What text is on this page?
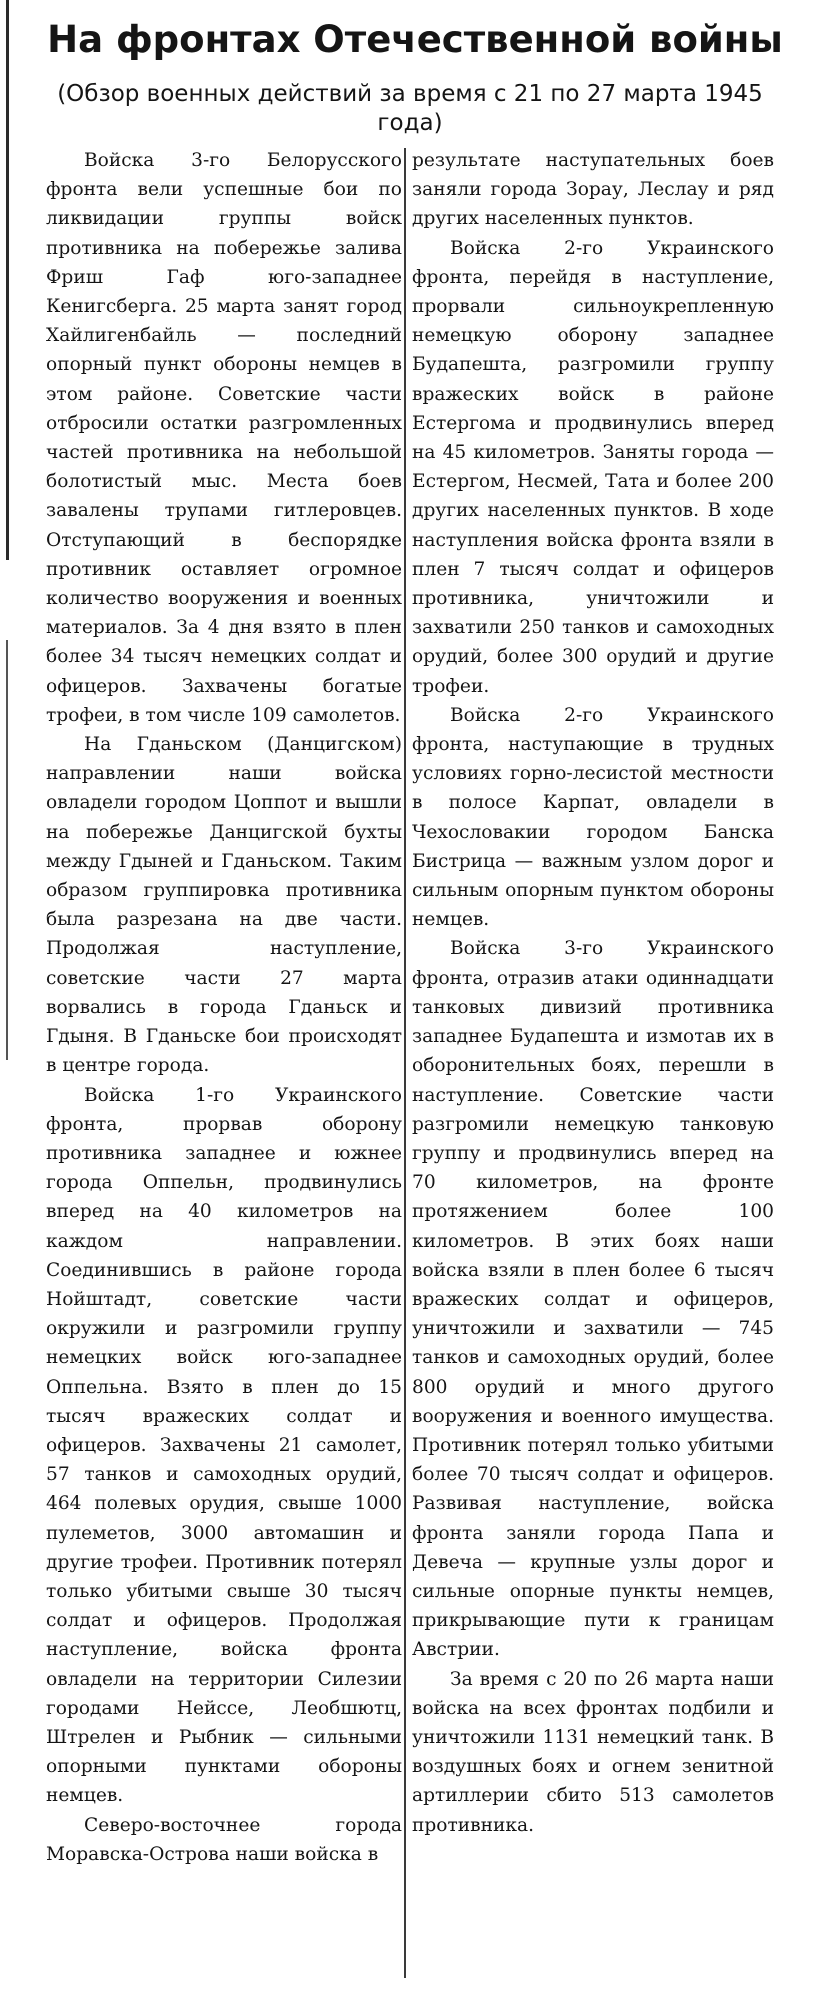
На фронтах Отечественной войны
(Обзор военных действий за время с 21 по 27 марта 1945 года)

Войска 3-го Белорусского фронта вели успешные бои по ликвидации группы войск противника на побережье залива Фриш Гаф юго-западнее Кенигсберга. 25 марта занят город Хайлигенбайль — последний опорный пункт обороны немцев в этом районе. Советские части отбросили остатки разгромленных частей противника на небольшой болотистый мыс. Места боев завалены трупами гитлеровцев. Отступающий в беспорядке противник оставляет огромное количество вооружения и военных материалов. За 4 дня взято в плен более 34 тысяч немецких солдат и офицеров. Захвачены богатые трофеи, в том числе 109 самолетов.

На Гданьском (Данцигском) направлении наши войска овладели городом Цоппот и вышли на побережье Данцигской бухты между Гдыней и Гданьском. Таким образом группировка противника была разрезана на две части. Продолжая наступление, советские части 27 марта ворвались в города Гданьск и Гдыня. В Гданьске бои происходят в центре города.

Войска 1-го Украинского фронта, прорвав оборону противника западнее и южнее города Оппельн, продвинулись вперед на 40 километров на каждом направлении. Соединившись в районе города Нойштадт, советские части окружили и разгромили группу немецких войск юго-западнее Оппельна. Взято в плен до 15 тысяч вражеских солдат и офицеров. Захвачены 21 самолет, 57 танков и самоходных орудий, 464 полевых орудия, свыше 1000 пулеметов, 3000 автомашин и другие трофеи. Противник потерял только убитыми свыше 30 тысяч солдат и офицеров. Продолжая наступление, войска фронта овладели на территории Силезии городами Нейссе, Леобшютц, Штрелен и Рыбник — сильными опорными пунктами обороны немцев.

Северо-восточнее города Моравска-Острова наши войска в

результате наступательных боев заняли города Зорау, Леслау и ряд других населенных пунктов.

Войска 2-го Украинского фронта, перейдя в наступление, прорвали сильноукрепленную немецкую оборону западнее Будапешта, разгромили группу вражеских войск в районе Естергома и продвинулись вперед на 45 километров. Заняты города — Естергом, Несмей, Тата и более 200 других населенных пунктов. В ходе наступления войска фронта взяли в плен 7 тысяч солдат и офицеров противника, уничтожили и захватили 250 танков и самоходных орудий, более 300 орудий и другие трофеи.

Войска 2-го Украинского фронта, наступающие в трудных условиях горно-лесистой местности в полосе Карпат, овладели в Чехословакии городом Банска Бистрица — важным узлом дорог и сильным опорным пунктом обороны немцев.

Войска 3-го Украинского фронта, отразив атаки одиннадцати танковых дивизий противника западнее Будапешта и измотав их в оборонительных боях, перешли в наступление. Советские части разгромили немецкую танковую группу и продвинулись вперед на 70 километров, на фронте протяжением более 100 километров. В этих боях наши войска взяли в плен более 6 тысяч вражеских солдат и офицеров, уничтожили и захватили — 745 танков и самоходных орудий, более 800 орудий и много другого вооружения и военного имущества. Противник потерял только убитыми более 70 тысяч солдат и офицеров. Развивая наступление, войска фронта заняли города Папа и Девеча — крупные узлы дорог и сильные опорные пункты немцев, прикрывающие пути к границам Австрии.

За время с 20 по 26 марта наши войска на всех фронтах подбили и уничтожили 1131 немецкий танк. В воздушных боях и огнем зенитной артиллерии сбито 513 самолетов противника.
